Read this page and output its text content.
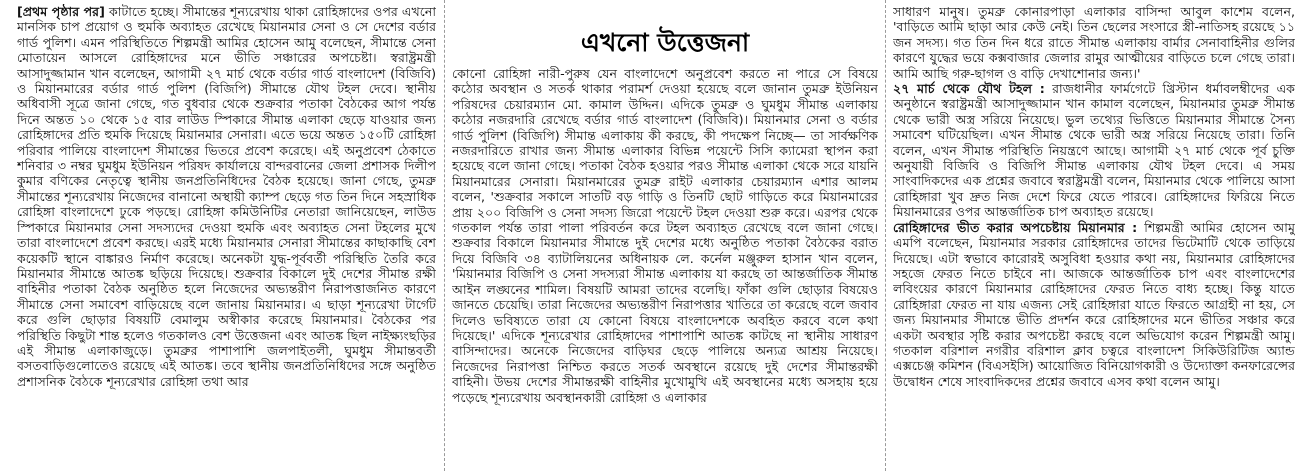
[প্রথম পৃষ্ঠার পর] কাটাতে হচ্ছে। সীমান্তের শূন্যরেখায় থাকা রোহিঙ্গাদের ওপর এখনো মানসিক চাপ প্রয়োগ ও হুমকি অব্যাহত রেখেছে মিয়ানমার সেনা ও সে দেশের বর্ডার গার্ড পুলিশ। এমন পরিস্থিতিতে শিল্পমন্ত্রী আমির হোসেন আমু বলেছেন, সীমান্তে সেনা মোতায়েন আসলে রোহিঙ্গাদের মনে ভীতি সঞ্চারের অপচেষ্টা। স্বরাষ্ট্রমন্ত্রী আসাদুজ্জামান খান বলেছেন, আগামী ২৭ মার্চ থেকে বর্ডার গার্ড বাংলাদেশ (বিজিবি) ও মিয়ানমারের বর্ডার গার্ড পুলিশ (বিজিপি) সীমান্তে যৌথ টহল দেবে। স্থানীয় অধিবাসী সূত্রে জানা গেছে, গত বুধবার থেকে শুক্রবার পতাকা বৈঠকের আগ পর্যন্ত দিনে অন্তত ১০ থেকে ১৫ বার লাউড স্পিকারে সীমান্ত এলাকা ছেড়ে যাওয়ার জন্য রোহিঙ্গাদের প্রতি হুমকি দিয়েছে মিয়ানমার সেনারা। এতে ভয়ে অন্তত ১৫০টি রোহিঙ্গা পরিবার পালিয়ে বাংলাদেশ সীমান্তের ভিতরে প্রবেশ করেছে। এই অনুপ্রবেশ ঠেকাতে শনিবার ৩ নম্বর ঘুমধুম ইউনিয়ন পরিষদ কার্যালয়ে বান্দরবানের জেলা প্রশাসক দিলীপ কুমার বণিকের নেতৃত্বে স্থানীয় জনপ্রতিনিধিদের বৈঠক হয়েছে। জানা গেছে, তুমব্রু সীমান্তের শূন্যরেখায় নিজেদের বানানো অস্থায়ী ক্যাম্প ছেড়ে গত তিন দিনে সহস্রাধিক রোহিঙ্গা বাংলাদেশে ঢুকে পড়ছে। রোহিঙ্গা কমিউনিটির নেতারা জানিয়েছেন, লাউড স্পিকারে মিয়ানমার সেনা সদস্যদের দেওয়া হুমকি এবং অব্যাহত সেনা টহলের মুখে তারা বাংলাদেশে প্রবেশ করছে। এরই মধ্যে মিয়ানমার সেনারা সীমান্তের কাছাকাছি বেশ কয়েকটি স্থানে বাঙ্কারও নির্মাণ করেছে। অনেকটা যুদ্ধ-পূর্ববর্তী পরিস্থিতি তৈরি করে মিয়ানমার সীমান্তে আতঙ্ক ছড়িয়ে দিয়েছে। শুক্রবার বিকালে দুই দেশের সীমান্ত রক্ষী বাহিনীর পতাকা বৈঠক অনুষ্ঠিত হলে নিজেদের অভ্যন্তরীণ নিরাপত্তাজনিত কারণে সীমান্তে সেনা সমাবেশ বাড়িয়েছে বলে জানায় মিয়ানমার। এ ছাড়া শূন্যরেখা টার্গেট করে গুলি ছোড়ার বিষয়টি বেমালুম অস্বীকার করেছে মিয়ানমার। বৈঠকের পর পরিস্থিতি কিছুটা শান্ত হলেও গতকালও বেশ উত্তেজনা এবং আতঙ্ক ছিল নাইক্ষ্যংছড়ির এই সীমান্ত এলাকাজুড়ে। তুমব্রুর পাশাপাশি জলপাইতলী, ঘুমধুম সীমান্তবর্তী বসতবাড়িগুলোতেও রয়েছে এই আতঙ্ক। তবে স্থানীয় জনপ্রতিনিধিদের সঙ্গে অনুষ্ঠিত প্রশাসনিক বৈঠকে শূন্যরেখার রোহিঙ্গা তথা আর

এখনো উত্তেজনা

কোনো রোহিঙ্গা নারী-পুরুষ যেন বাংলাদেশে অনুপ্রবেশ করতে না পারে সে বিষয়ে কঠোর অবস্থান ও সতর্ক থাকার পরামর্শ দেওয়া হয়েছে বলে জানান তুমব্রু ইউনিয়ন পরিষদের চেয়ারম্যান মো. কামাল উদ্দিন। এদিকে তুমব্রু ও ঘুমধুম সীমান্ত এলাকায় কঠোর নজরদারি রেখেছে বর্ডার গার্ড বাংলাদেশ (বিজিবি)। মিয়ানমার সেনা ও বর্ডার গার্ড পুলিশ (বিজিপি) সীমান্ত এলাকায় কী করছে, কী পদক্ষেপ নিচ্ছে— তা সার্বক্ষণিক নজরদারিতে রাখার জন্য সীমান্ত এলাকার বিভিন্ন পয়েন্টে সিসি ক্যামেরা স্থাপন করা হয়েছে বলে জানা গেছে। পতাকা বৈঠক হওয়ার পরও সীমান্ত এলাকা থেকে সরে যায়নি মিয়ানমারের সেনারা। মিয়ানমারের তুমব্রু রাইট এলাকার চেয়ারম্যান এশার আলম বলেন, 'শুক্রবার সকালে সাতটি বড় গাড়ি ও তিনটি ছোট গাড়িতে করে মিয়ানমারের প্রায় ২০০ বিজিপি ও সেনা সদস্য জিরো পয়েন্টে টহল দেওয়া শুরু করে। এরপর থেকে গতকাল পর্যন্ত তারা পালা পরিবর্তন করে টহল অব্যাহত রেখেছে বলে জানা গেছে। শুক্রবার বিকালে মিয়ানমার সীমান্তে দুই দেশের মধ্যে অনুষ্ঠিত পতাকা বৈঠকের বরাত দিয়ে বিজিবি ৩৪ ব্যাটালিয়নের অধিনায়ক লে. কর্নেল মঞ্জুরুল হাসান খান বলেন, 'মিয়ানমার বিজিপি ও সেনা সদস্যরা সীমান্ত এলাকায় যা করছে তা আন্তর্জাতিক সীমান্ত আইন লঙ্ঘনের শামিল। বিষয়টি আমরা তাদের বলেছি। ফাঁকা গুলি ছোড়ার বিষয়েও জানতে চেয়েছি। তারা নিজেদের অভ্যন্তরীণ নিরাপত্তার খাতিরে তা করেছে বলে জবাব দিলেও ভবিষ্যতে তারা যে কোনো বিষয়ে বাংলাদেশকে অবহিত করবে বলে কথা দিয়েছে।' এদিকে শূন্যরেখার রোহিঙ্গাদের পাশাপাশি আতঙ্ক কাটছে না স্থানীয় সাধারণ বাসিন্দাদের। অনেকে নিজেদের বাড়িঘর ছেড়ে পালিয়ে অন্যত্র আশ্রয় নিয়েছে। নিজেদের নিরাপত্তা নিশ্চিত করতে সতর্ক অবস্থানে রয়েছে দুই দেশের সীমান্তরক্ষী বাহিনী। উভয় দেশের সীমান্তরক্ষী বাহিনীর মুখোমুখি এই অবস্থানের মধ্যে অসহায় হয়ে পড়েছে শূন্যরেখায় অবস্থানকারী রোহিঙ্গা ও এলাকার

সাধারণ মানুষ। তুমব্রু কোনারপাড়া এলাকার বাসিন্দা আবুল কাশেম বলেন, 'বাড়িতে আমি ছাড়া আর কেউ নেই। তিন ছেলের সংসারে স্ত্রী-নাতিসহ রয়েছে ১১ জন সদস্য। গত তিন দিন ধরে রাতে সীমান্ত এলাকায় বার্মার সেনাবাহিনীর গুলির কারণে যুদ্ধের ভয়ে কক্সবাজার জেলার রামুর আত্মীয়ের বাড়িতে চলে গেছে তারা। আমি আছি গরু-ছাগল ও বাড়ি দেখাশোনার জন্য।'

২৭ মার্চ থেকে যৌথ টহল : রাজধানীর ফার্মগেটে খ্রিস্টান ধর্মাবলম্বীদের এক অনুষ্ঠানে স্বরাষ্ট্রমন্ত্রী আসাদুজ্জামান খান কামাল বলেছেন, মিয়ানমার তুমব্রু সীমান্ত থেকে ভারী অস্ত্র সরিয়ে নিয়েছে। ভুল তথ্যের ভিত্তিতে মিয়ানমার সীমান্তে সৈন্য সমাবেশ ঘটিয়েছিল। এখন সীমান্ত থেকে ভারী অস্ত্র সরিয়ে নিয়েছে তারা। তিনি বলেন, এখন সীমান্ত পরিস্থিতি নিয়ন্ত্রণে আছে। আগামী ২৭ মার্চ থেকে পূর্ব চুক্তি অনুযায়ী বিজিবি ও বিজিপি সীমান্ত এলাকায় যৌথ টহল দেবে। এ সময় সাংবাদিকদের এক প্রশ্নের জবাবে স্বরাষ্ট্রমন্ত্রী বলেন, মিয়ানমার থেকে পালিয়ে আসা রোহিঙ্গারা খুব দ্রুত নিজ দেশে ফিরে যেতে পারবে। রোহিঙ্গাদের ফিরিয়ে নিতে মিয়ানমারের ওপর আন্তর্জাতিক চাপ অব্যাহত রয়েছে।

রোহিঙ্গাদের ভীত করার অপচেষ্টায় মিয়ানমার : শিল্পমন্ত্রী আমির হোসেন আমু এমপি বলেছেন, মিয়ানমার সরকার রোহিঙ্গাদের তাদের ভিটেমাটি থেকে তাড়িয়ে দিয়েছে। এটা স্বভাবে কারোরই অসুবিধা হওয়ার কথা নয়, মিয়ানমার রোহিঙ্গাদের সহজে ফেরত নিতে চাইবে না। আজকে আন্তর্জাতিক চাপ এবং বাংলাদেশের লবিংয়ের কারণে মিয়ানমার রোহিঙ্গাদের ফেরত নিতে বাধ্য হচ্ছে। কিন্তু যাতে রোহিঙ্গারা ফেরত না যায় এজন্য সেই রোহিঙ্গারা যাতে ফিরতে আগ্রহী না হয়, সে জন্য মিয়ানমার সীমান্তে ভীতি প্রদর্শন করে রোহিঙ্গাদের মনে ভীতির সঞ্চার করে একটা অবস্থার সৃষ্টি করার অপচেষ্টা করছে বলে অভিযোগ করেন শিল্পমন্ত্রী আমু। গতকাল বরিশাল নগরীর বরিশাল ক্লাব চত্বরে বাংলাদেশ সিকিউরিটিজ অ্যান্ড এক্সচেঞ্জ কমিশন (বিএসইসি) আয়োজিত বিনিয়োগকারী ও উদ্যোক্তা কনফারেন্সের উদ্বোধন শেষে সাংবাদিকদের প্রশ্নের জবাবে এসব কথা বলেন আমু।
